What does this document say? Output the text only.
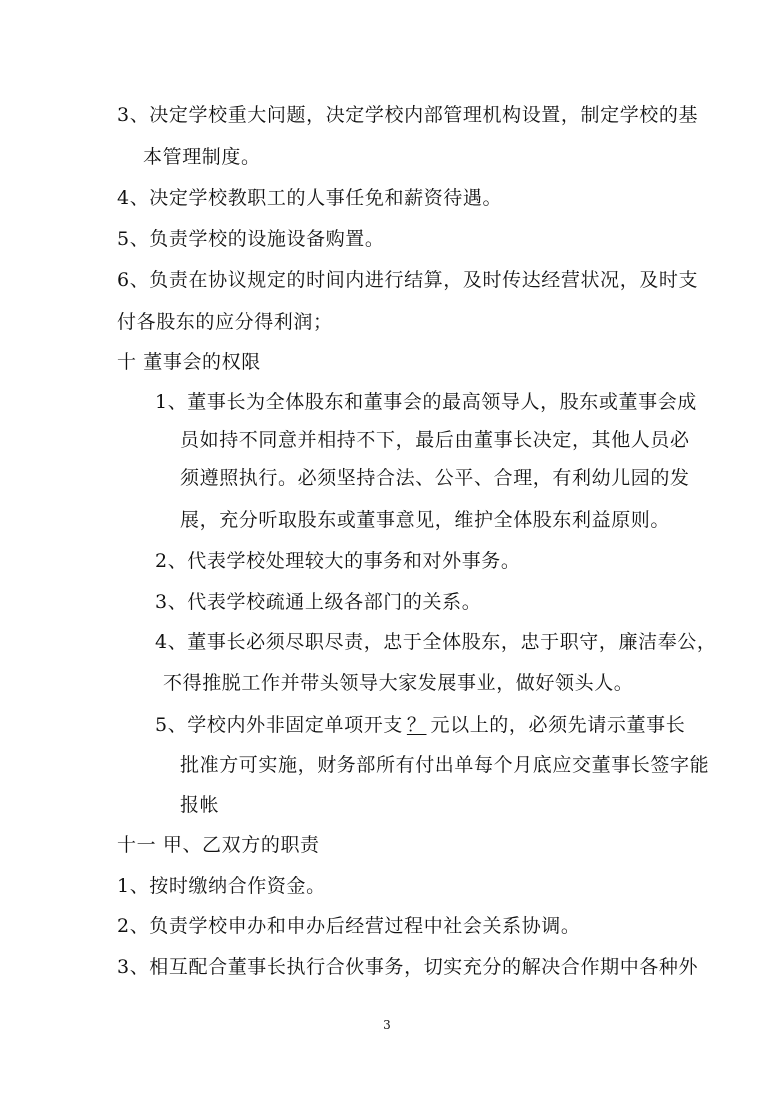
3、决定学校重大问题，决定学校内部管理机构设置，制定学校的基
本管理制度。
4、决定学校教职工的人事任免和薪资待遇。
5、负责学校的设施设备购置。
6、负责在协议规定的时间内进行结算，及时传达经营状况，及时支
付各股东的应分得利润；
十 董事会的权限
1、董事长为全体股东和董事会的最高领导人，股东或董事会成
员如持不同意并相持不下，最后由董事长决定，其他人员必
须遵照执行。必须坚持合法、公平、合理，有利幼儿园的发
展，充分听取股东或董事意见，维护全体股东利益原则。
2、代表学校处理较大的事务和对外事务。
3、代表学校疏通上级各部门的关系。
4、董事长必须尽职尽责，忠于全体股东，忠于职守，廉洁奉公，
不得推脱工作并带头领导大家发展事业，做好领头人。
5、学校内外非固定单项开支？元以上的，必须先请示董事长
批准方可实施，财务部所有付出单每个月底应交董事长签字能
报帐
十一 甲、乙双方的职责
1、按时缴纳合作资金。
2、负责学校申办和申办后经营过程中社会关系协调。
3、相互配合董事长执行合伙事务，切实充分的解决合作期中各种外
3
